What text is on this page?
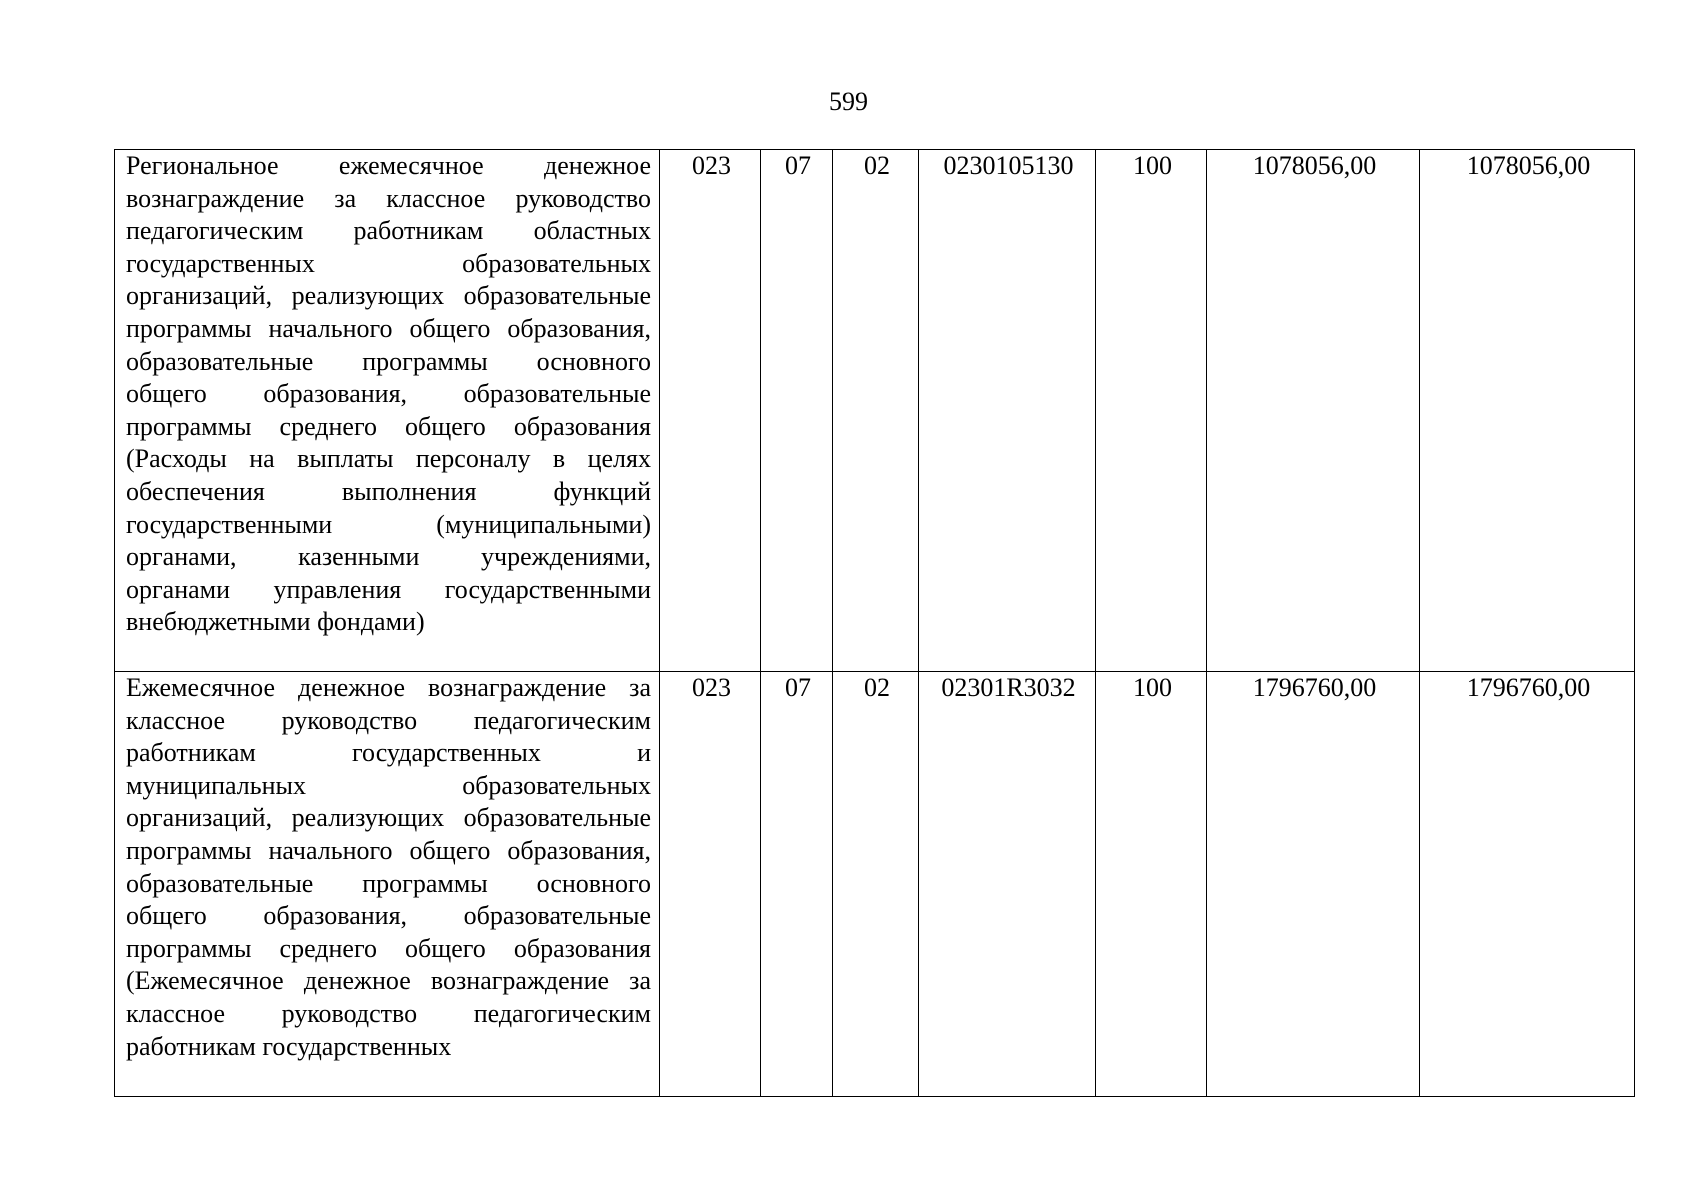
599
Региональное ежемесячное денежное вознаграждение за классное руководство педагогическим работникам областных государственных образовательных организаций, реализующих образовательные программы начального общего образования, образовательные программы основного общего образования, образовательные программы среднего общего образования (Расходы на выплаты персоналу в целях обеспечения выполнения функций государственными (муниципальными) органами, казенными учреждениями, органами управления государственными внебюджетными фондами)	023	07	02	0230105130	100	1078056,00	1078056,00
Ежемесячное денежное вознаграждение за классное руководство педагогическим работникам государственных и муниципальных образовательных организаций, реализующих образовательные программы начального общего образования, образовательные программы основного общего образования, образовательные программы среднего общего образования (Ежемесячное денежное вознаграждение за классное руководство педагогическим работникам государственных	023	07	02	02301R3032	100	1796760,00	1796760,00
